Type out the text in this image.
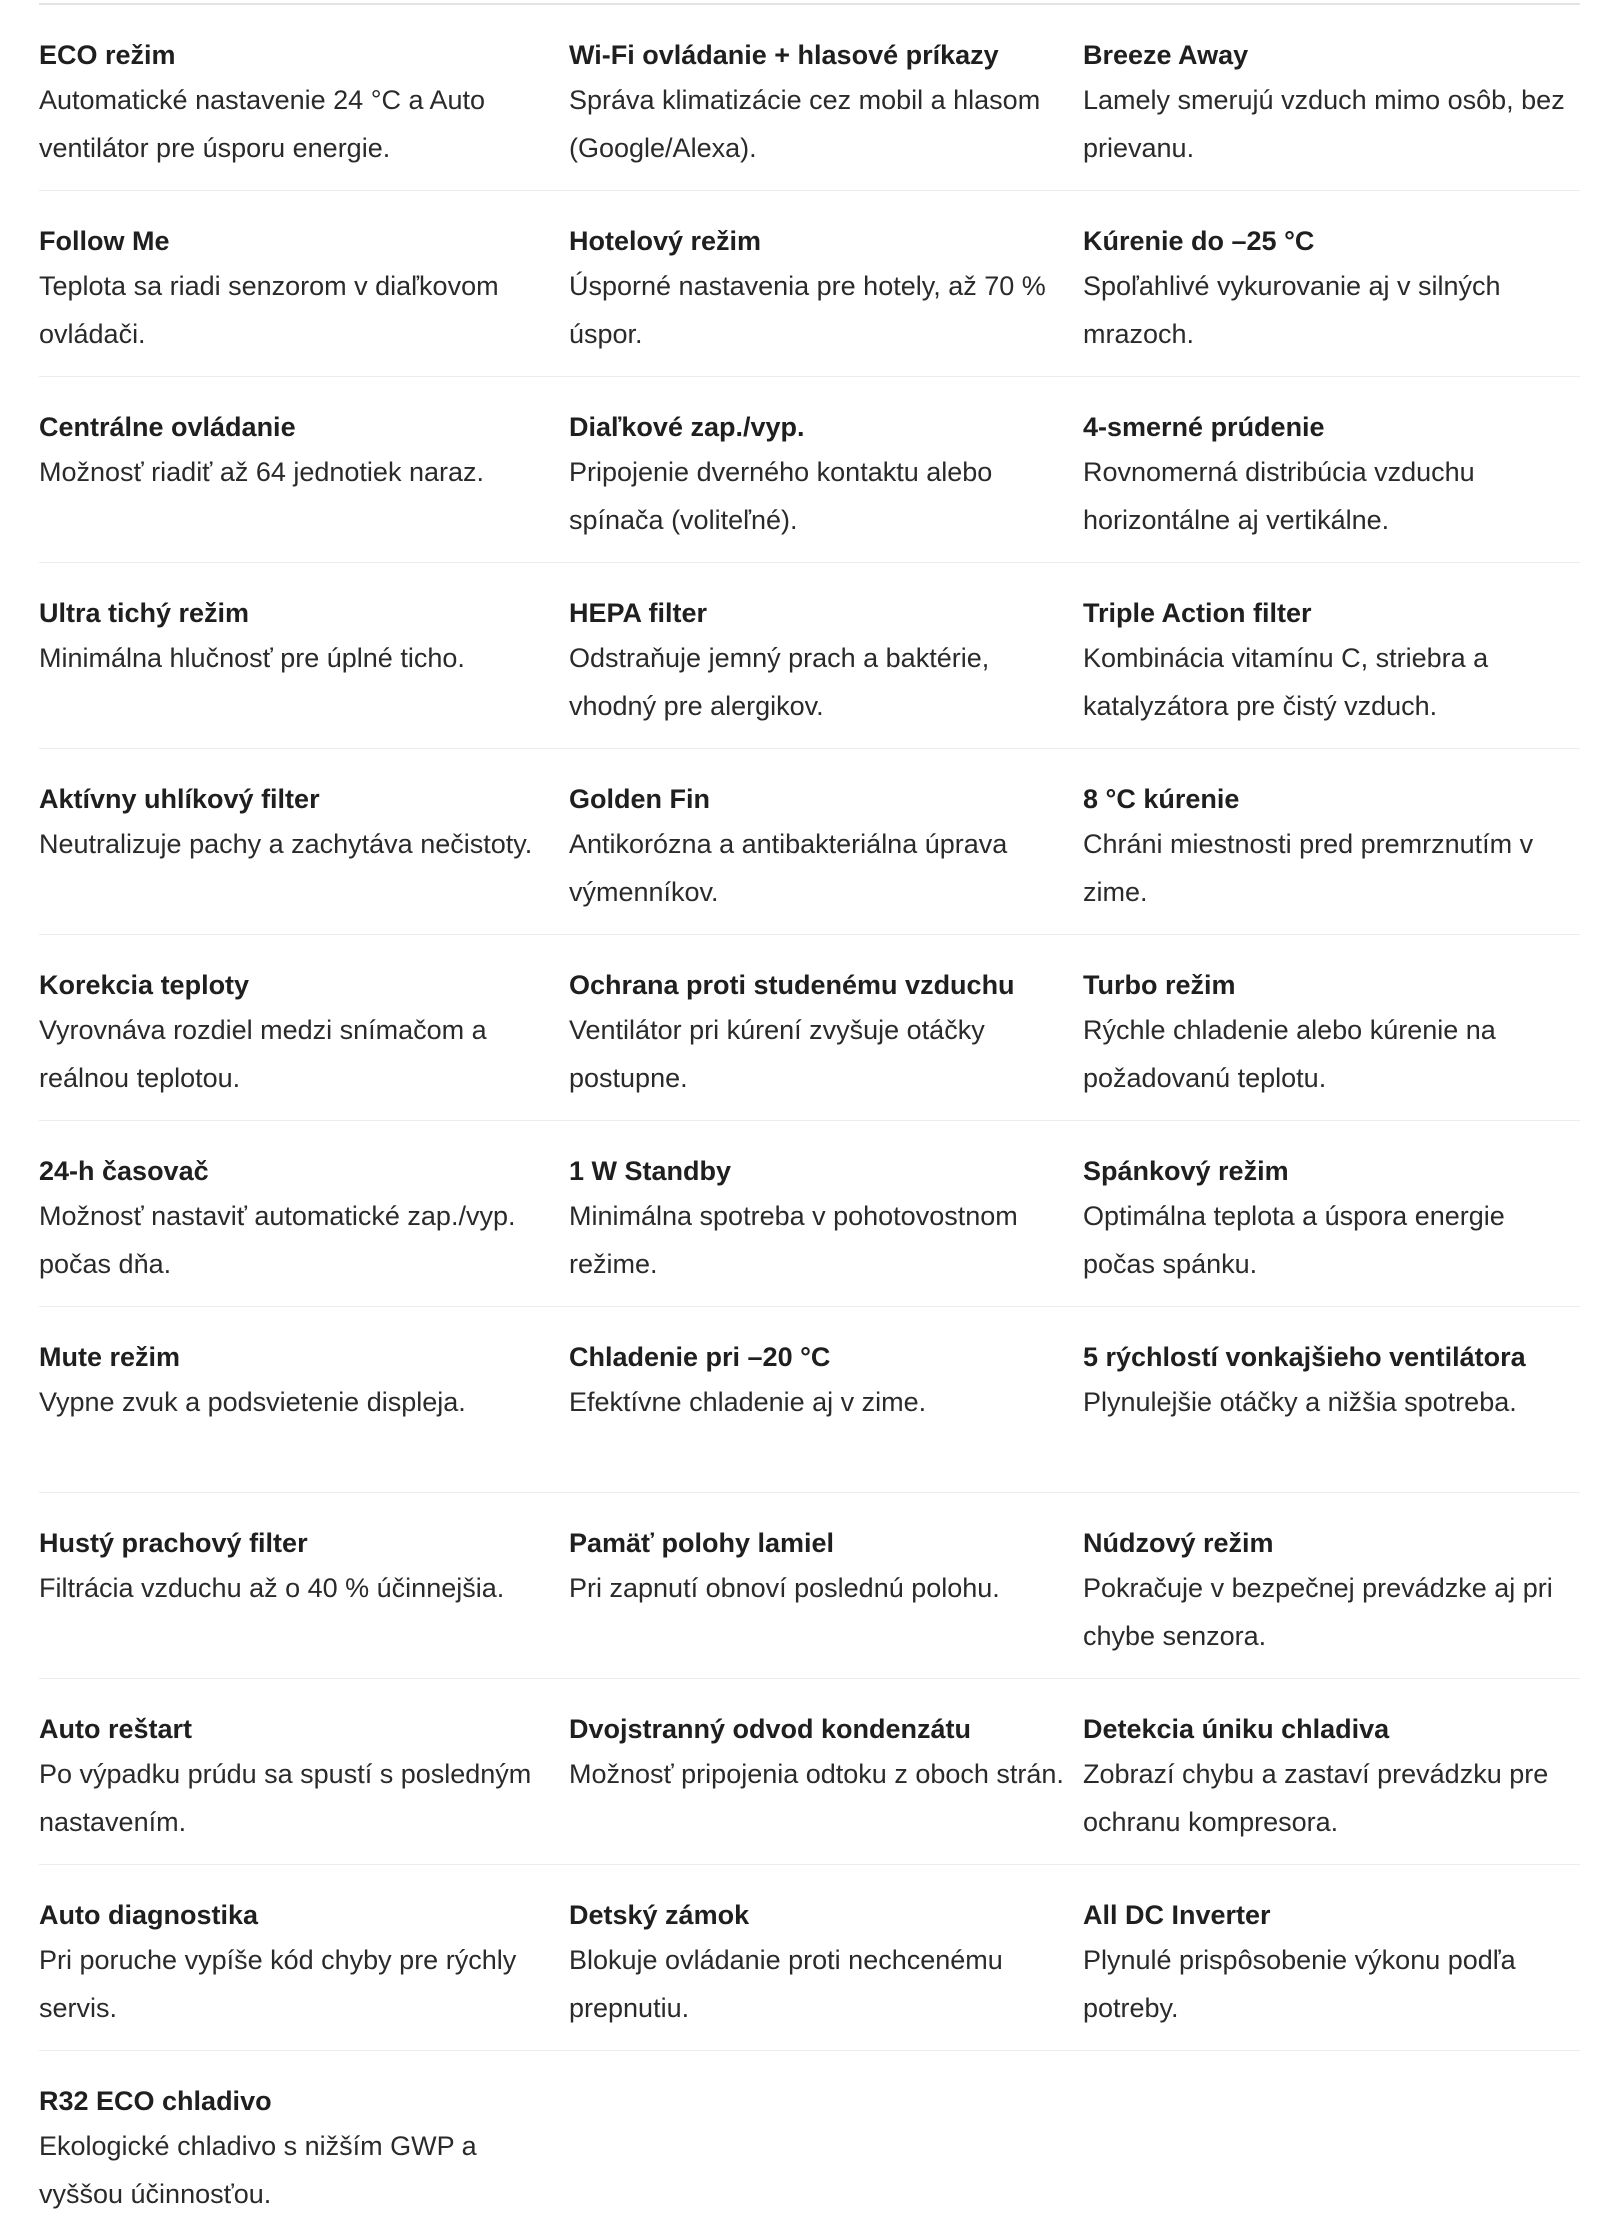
ECO režim
Automatické nastavenie 24 °C a Auto ventilátor pre úsporu energie.
Wi-Fi ovládanie + hlasové príkazy
Správa klimatizácie cez mobil a hlasom (Google/Alexa).
Breeze Away
Lamely smerujú vzduch mimo osôb, bez prievanu.
Follow Me
Teplota sa riadi senzorom v diaľkovom ovládači.
Hotelový režim
Úsporné nastavenia pre hotely, až 70 % úspor.
Kúrenie do –25 °C
Spoľahlivé vykurovanie aj v silných mrazoch.
Centrálne ovládanie
Možnosť riadiť až 64 jednotiek naraz.
Diaľkové zap./vyp.
Pripojenie dverného kontaktu alebo spínača (voliteľné).
4-smerné prúdenie
Rovnomerná distribúcia vzduchu horizontálne aj vertikálne.
Ultra tichý režim
Minimálna hlučnosť pre úplné ticho.
HEPA filter
Odstraňuje jemný prach a baktérie, vhodný pre alergikov.
Triple Action filter
Kombinácia vitamínu C, striebra a katalyzátora pre čistý vzduch.
Aktívny uhlíkový filter
Neutralizuje pachy a zachytáva nečistoty.
Golden Fin
Antikorózna a antibakteriálna úprava výmenníkov.
8 °C kúrenie
Chráni miestnosti pred premrznutím v zime.
Korekcia teploty
Vyrovnáva rozdiel medzi snímačom a reálnou teplotou.
Ochrana proti studenému vzduchu
Ventilátor pri kúrení zvyšuje otáčky postupne.
Turbo režim
Rýchle chladenie alebo kúrenie na požadovanú teplotu.
24-h časovač
Možnosť nastaviť automatické zap./vyp. počas dňa.
1 W Standby
Minimálna spotreba v pohotovostnom režime.
Spánkový režim
Optimálna teplota a úspora energie počas spánku.
Mute režim
Vypne zvuk a podsvietenie displeja.
Chladenie pri –20 °C
Efektívne chladenie aj v zime.
5 rýchlostí vonkajšieho ventilátora
Plynulejšie otáčky a nižšia spotreba.
Hustý prachový filter
Filtrácia vzduchu až o 40 % účinnejšia.
Pamäť polohy lamiel
Pri zapnutí obnoví poslednú polohu.
Núdzový režim
Pokračuje v bezpečnej prevádzke aj pri chybe senzora.
Auto reštart
Po výpadku prúdu sa spustí s posledným nastavením.
Dvojstranný odvod kondenzátu
Možnosť pripojenia odtoku z oboch strán.
Detekcia úniku chladiva
Zobrazí chybu a zastaví prevádzku pre ochranu kompresora.
Auto diagnostika
Pri poruche vypíše kód chyby pre rýchly servis.
Detský zámok
Blokuje ovládanie proti nechcenému prepnutiu.
All DC Inverter
Plynulé prispôsobenie výkonu podľa potreby.
R32 ECO chladivo
Ekologické chladivo s nižším GWP a vyššou účinnosťou.
